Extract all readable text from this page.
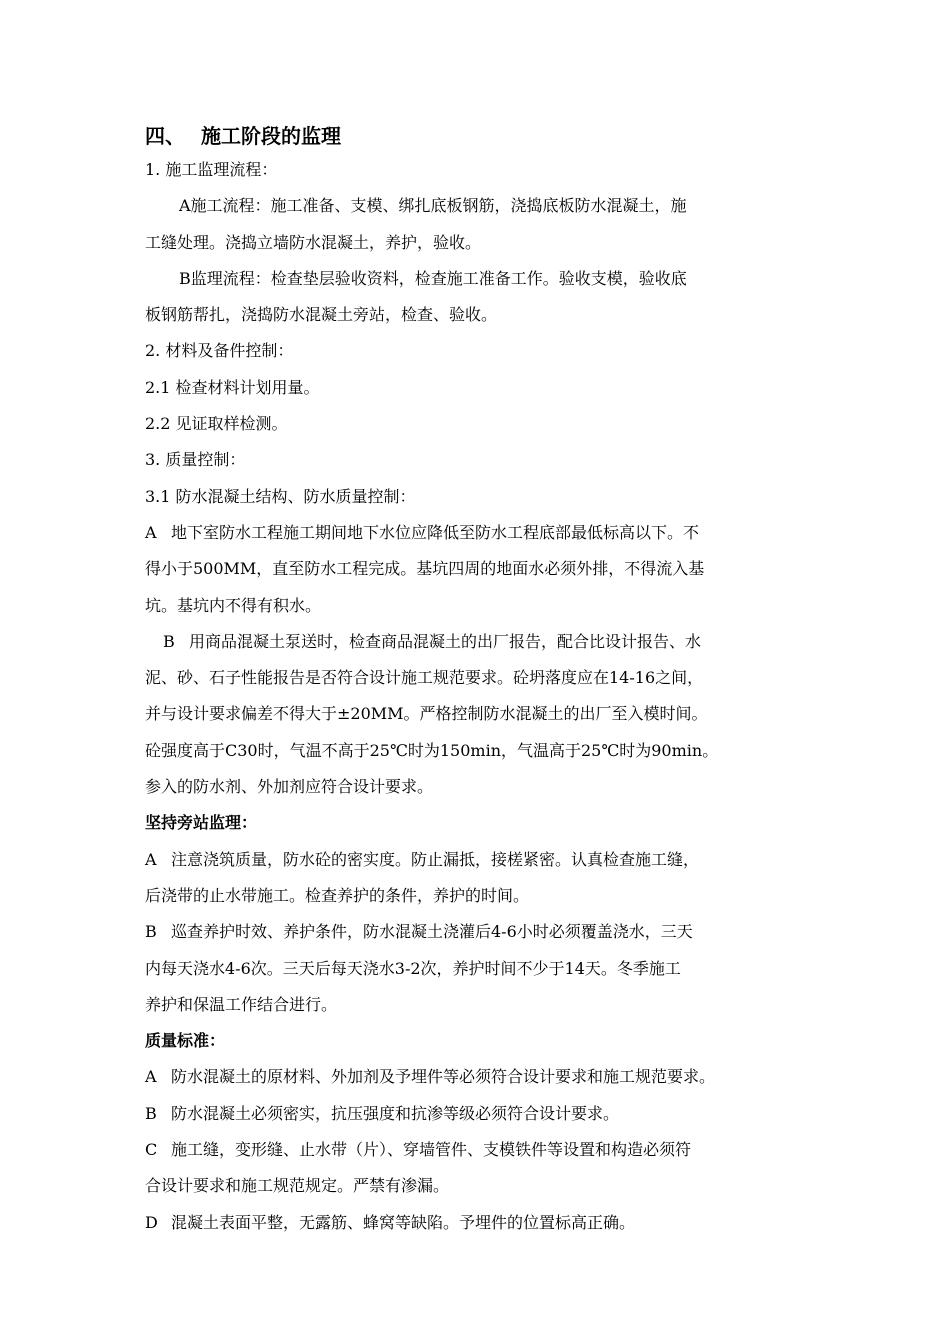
四、 施工阶段的监理

1. 施工监理流程：

A施工流程：施工准备、支模、绑扎底板钢筋，浇捣底板防水混凝土，施

工缝处理。浇捣立墙防水混凝土，养护，验收。

B监理流程：检查垫层验收资料，检查施工准备工作。验收支模，验收底

板钢筋帮扎，浇捣防水混凝土旁站，检查、验收。

2. 材料及备件控制：

2.1 检查材料计划用量。

2.2 见证取样检测。

3. 质量控制：

3.1 防水混凝土结构、防水质量控制：

A 地下室防水工程施工期间地下水位应降低至防水工程底部最低标高以下。不

得小于500MM，直至防水工程完成。基坑四周的地面水必须外排，不得流入基

坑。基坑内不得有积水。

B 用商品混凝土泵送时，检查商品混凝土的出厂报告，配合比设计报告、水

泥、砂、石子性能报告是否符合设计施工规范要求。砼坍落度应在14-16之间，

并与设计要求偏差不得大于±20MM。严格控制防水混凝土的出厂至入模时间。

砼强度高于C30时，气温不高于25℃时为150min，气温高于25℃时为90min。

参入的防水剂、外加剂应符合设计要求。

坚持旁站监理：

A 注意浇筑质量，防水砼的密实度。防止漏抵，接槎紧密。认真检查施工缝，

后浇带的止水带施工。检查养护的条件，养护的时间。

B 巡查养护时效、养护条件，防水混凝土浇灌后4-6小时必须覆盖浇水，三天

内每天浇水4-6次。三天后每天浇水3-2次，养护时间不少于14天。冬季施工

养护和保温工作结合进行。

质量标准：

A 防水混凝土的原材料、外加剂及予埋件等必须符合设计要求和施工规范要求。

B 防水混凝土必须密实，抗压强度和抗渗等级必须符合设计要求。

C 施工缝，变形缝、止水带（片）、穿墙管件、支模铁件等设置和构造必须符

合设计要求和施工规范规定。严禁有渗漏。

D 混凝土表面平整，无露筋、蜂窝等缺陷。予埋件的位置标高正确。
